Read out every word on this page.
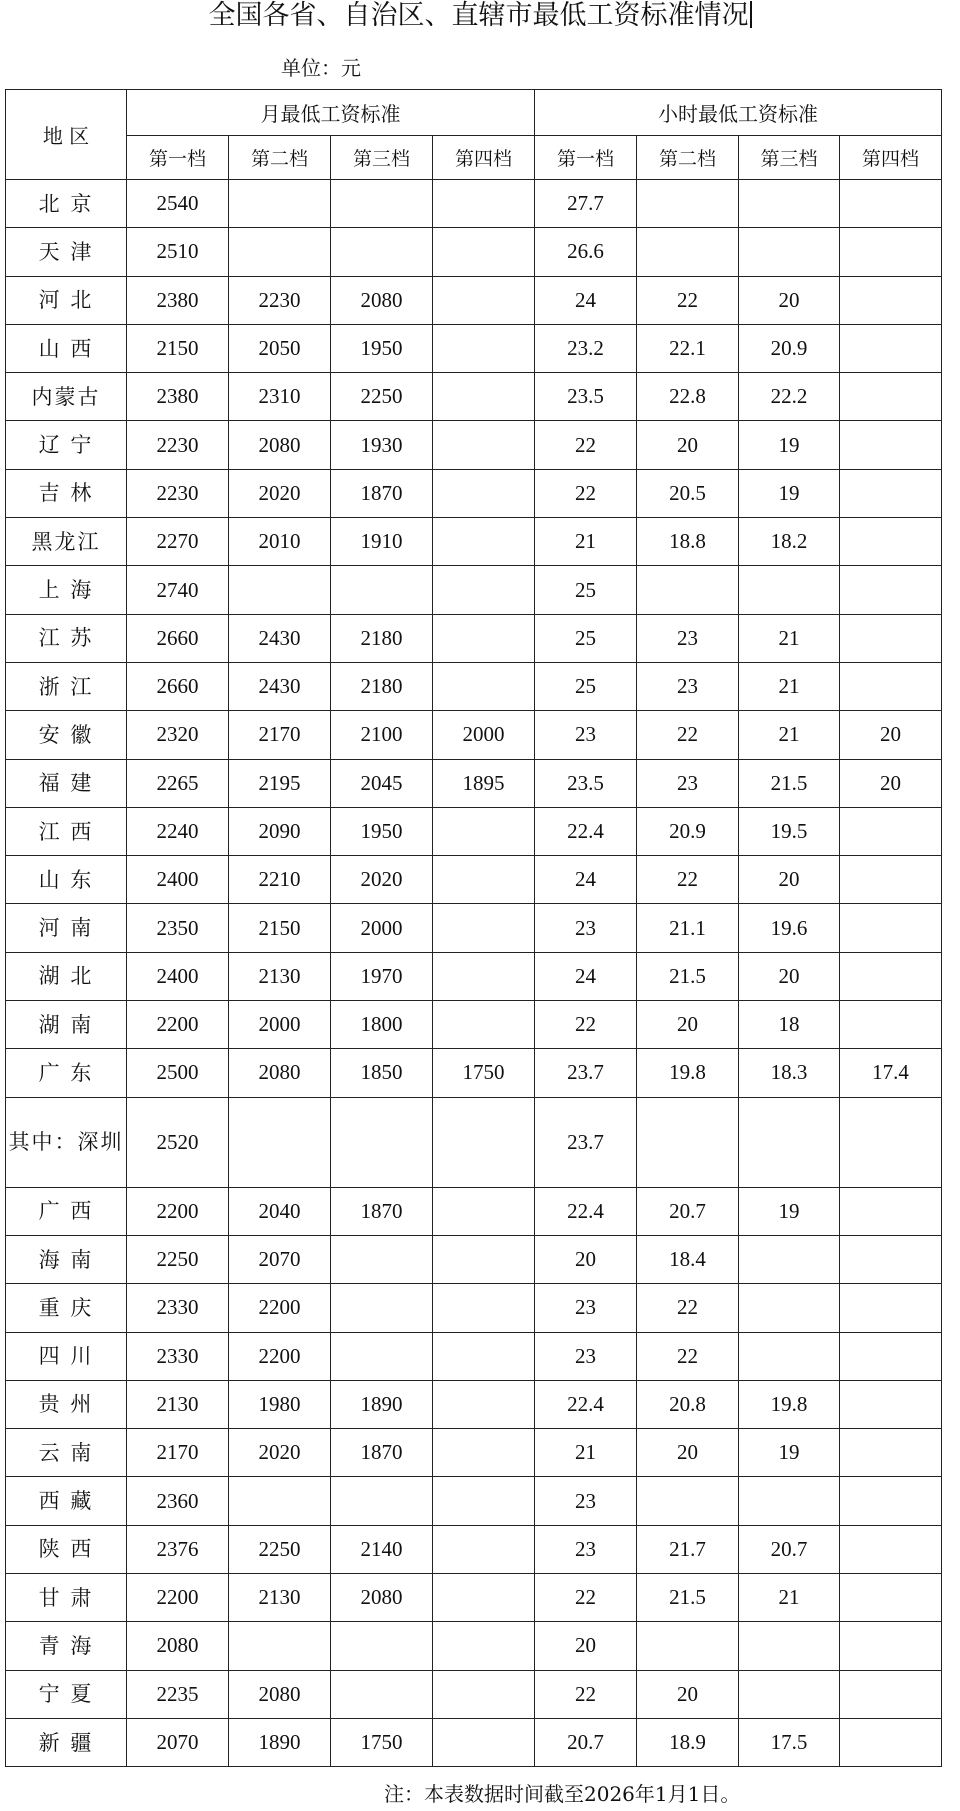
全国各省、自治区、直辖市最低工资标准情况
单位：元
地 区	月最低工资标准				小时最低工资标准			
	第一档	第二档	第三档	第四档	第一档	第二档	第三档	第四档
北 京	2540				27.7			
天 津	2510				26.6			
河 北	2380	2230	2080		24	22	20	
山 西	2150	2050	1950		23.2	22.1	20.9	
内蒙古	2380	2310	2250		23.5	22.8	22.2	
辽 宁	2230	2080	1930		22	20	19	
吉 林	2230	2020	1870		22	20.5	19	
黑龙江	2270	2010	1910		21	18.8	18.2	
上 海	2740				25			
江 苏	2660	2430	2180		25	23	21	
浙 江	2660	2430	2180		25	23	21	
安 徽	2320	2170	2100	2000	23	22	21	20
福 建	2265	2195	2045	1895	23.5	23	21.5	20
江 西	2240	2090	1950		22.4	20.9	19.5	
山 东	2400	2210	2020		24	22	20	
河 南	2350	2150	2000		23	21.1	19.6	
湖 北	2400	2130	1970		24	21.5	20	
湖 南	2200	2000	1800		22	20	18	
广 东	2500	2080	1850	1750	23.7	19.8	18.3	17.4
其中：深圳	2520				23.7			
广 西	2200	2040	1870		22.4	20.7	19	
海 南	2250	2070			20	18.4		
重 庆	2330	2200			23	22		
四 川	2330	2200			23	22		
贵 州	2130	1980	1890		22.4	20.8	19.8	
云 南	2170	2020	1870		21	20	19	
西 藏	2360				23			
陕 西	2376	2250	2140		23	21.7	20.7	
甘 肃	2200	2130	2080		22	21.5	21	
青 海	2080				20			
宁 夏	2235	2080			22	20		
新 疆	2070	1890	1750		20.7	18.9	17.5	
注：本表数据时间截至2026年1月1日。
